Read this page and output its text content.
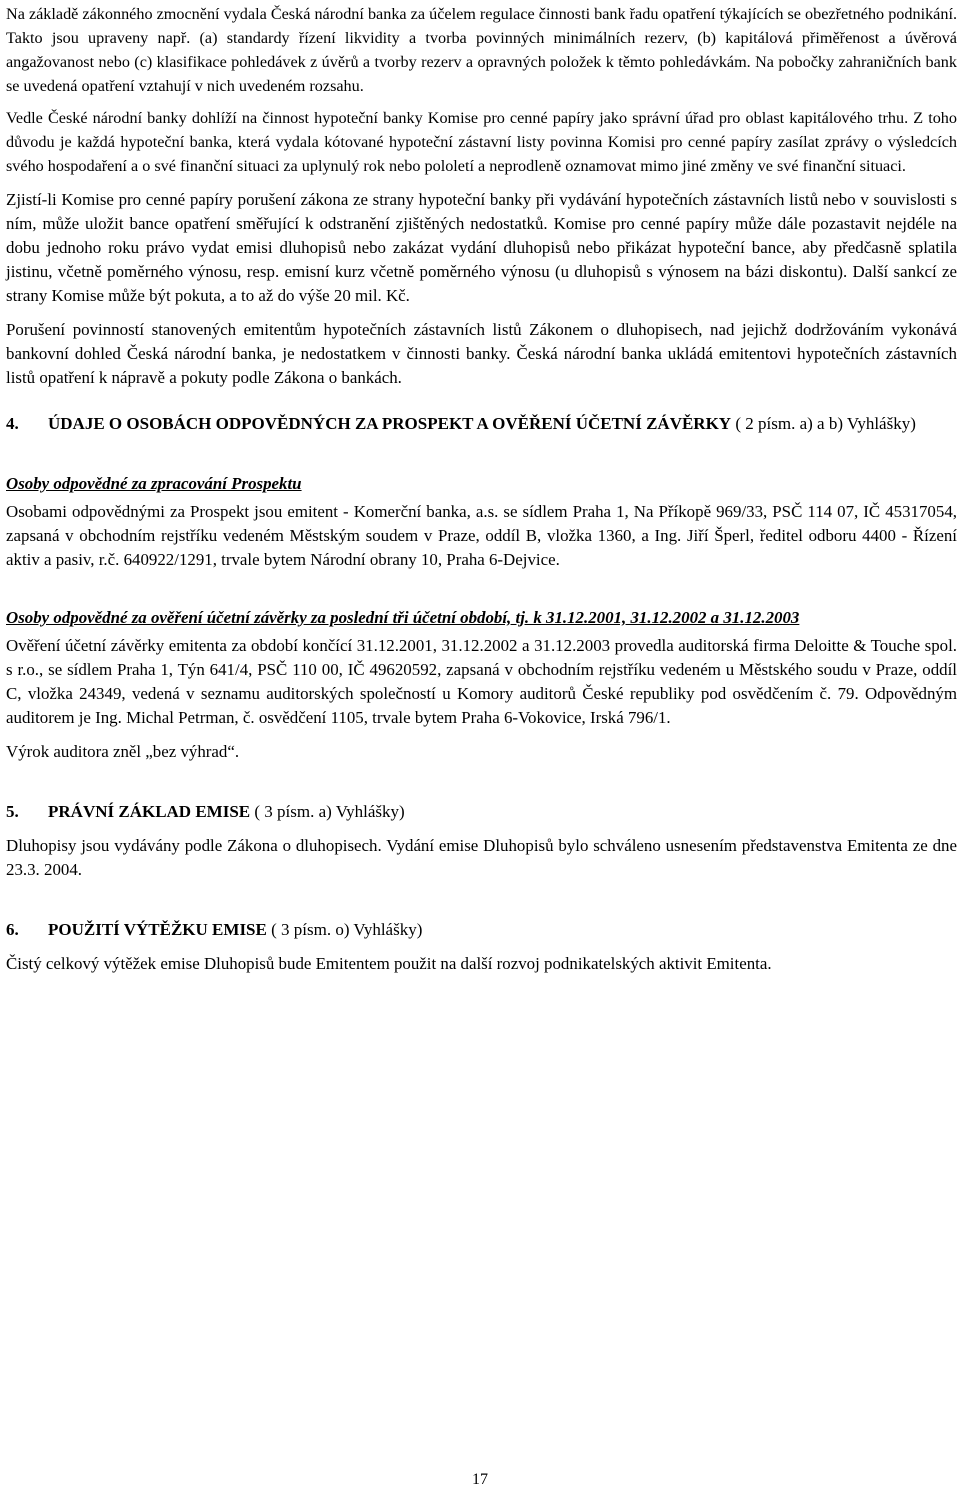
Na základě zákonného zmocnění vydala Česká národní banka za účelem regulace činnosti bank řadu opatření týkajících se obezřetného podnikání. Takto jsou upraveny např. (a) standardy řízení likvidity a tvorba povinných minimálních rezerv, (b) kapitálová přiměřenost a úvěrová angažovanost nebo (c) klasifikace pohledávek z úvěrů a tvorby rezerv a opravných položek k těmto pohledávkám. Na pobočky zahraničních bank se uvedená opatření vztahují v nich uvedeném rozsahu.

Vedle České národní banky dohlíží na činnost hypoteční banky Komise pro cenné papíry jako správní úřad pro oblast kapitálového trhu. Z toho důvodu je každá hypoteční banka, která vydala kótované hypoteční zástavní listy povinna Komisi pro cenné papíry zasílat zprávy o výsledcích svého hospodaření a o své finanční situaci za uplynulý rok nebo pololetí a neprodleně oznamovat mimo jiné změny ve své finanční situaci.

Zjistí-li Komise pro cenné papíry porušení zákona ze strany hypoteční banky při vydávání hypotečních zástavních listů nebo v souvislosti s ním, může uložit bance opatření směřující k odstranění zjištěných nedostatků. Komise pro cenné papíry může dále pozastavit nejdéle na dobu jednoho roku právo vydat emisi dluhopisů nebo zakázat vydání dluhopisů nebo přikázat hypoteční bance, aby předčasně splatila jistinu, včetně poměrného výnosu, resp. emisní kurz včetně poměrného výnosu (u dluhopisů s výnosem na bázi diskontu). Další sankcí ze strany Komise může být pokuta, a to až do výše 20 mil. Kč.

Porušení povinností stanovených emitentům hypotečních zástavních listů Zákonem o dluhopisech, nad jejichž dodržováním vykonává bankovní dohled Česká národní banka, je nedostatkem v činnosti banky. Česká národní banka ukládá emitentovi hypotečních zástavních listů opatření k nápravě a pokuty podle Zákona o bankách.

4.	ÚDAJE O OSOBÁCH ODPOVĚDNÝCH ZA PROSPEKT A OVĚŘENÍ ÚČETNÍ ZÁVĚRKY ( 2 písm. a) a b) Vyhlášky)

Osoby odpovědné za zpracování Prospektu

Osobami odpovědnými za Prospekt jsou emitent - Komerční banka, a.s. se sídlem Praha 1, Na Příkopě 969/33, PSČ 114 07, IČ 45317054, zapsaná v obchodním rejstříku vedeném Městským soudem v Praze, oddíl B, vložka 1360, a Ing. Jiří Šperl, ředitel odboru 4400 - Řízení aktiv a pasiv, r.č. 640922/1291, trvale bytem Národní obrany 10, Praha 6-Dejvice.

Osoby odpovědné za ověření účetní závěrky za poslední tři účetní období, tj. k 31.12.2001, 31.12.2002 a 31.12.2003

Ověření účetní závěrky emitenta za období končící 31.12.2001, 31.12.2002 a 31.12.2003 provedla auditorská firma Deloitte & Touche spol. s r.o., se sídlem Praha 1, Týn 641/4, PSČ 110 00, IČ 49620592, zapsaná v obchodním rejstříku vedeném u Městského soudu v Praze, oddíl C, vložka 24349, vedená v seznamu auditorských společností u Komory auditorů České republiky pod osvědčením č. 79. Odpovědným auditorem je Ing. Michal Petrman, č. osvědčení 1105, trvale bytem Praha 6-Vokovice, Irská 796/1.

Výrok auditora zněl „bez výhrad“.

5.	PRÁVNÍ ZÁKLAD EMISE ( 3 písm. a) Vyhlášky)

Dluhopisy jsou vydávány podle Zákona o dluhopisech. Vydání emise Dluhopisů bylo schváleno usnesením představenstva Emitenta ze dne 23.3. 2004.

6.	POUŽITÍ VÝTĚŽKU EMISE ( 3 písm. o) Vyhlášky)

Čistý celkový výtěžek emise Dluhopisů bude Emitentem použit na další rozvoj podnikatelských aktivit Emitenta.

17
